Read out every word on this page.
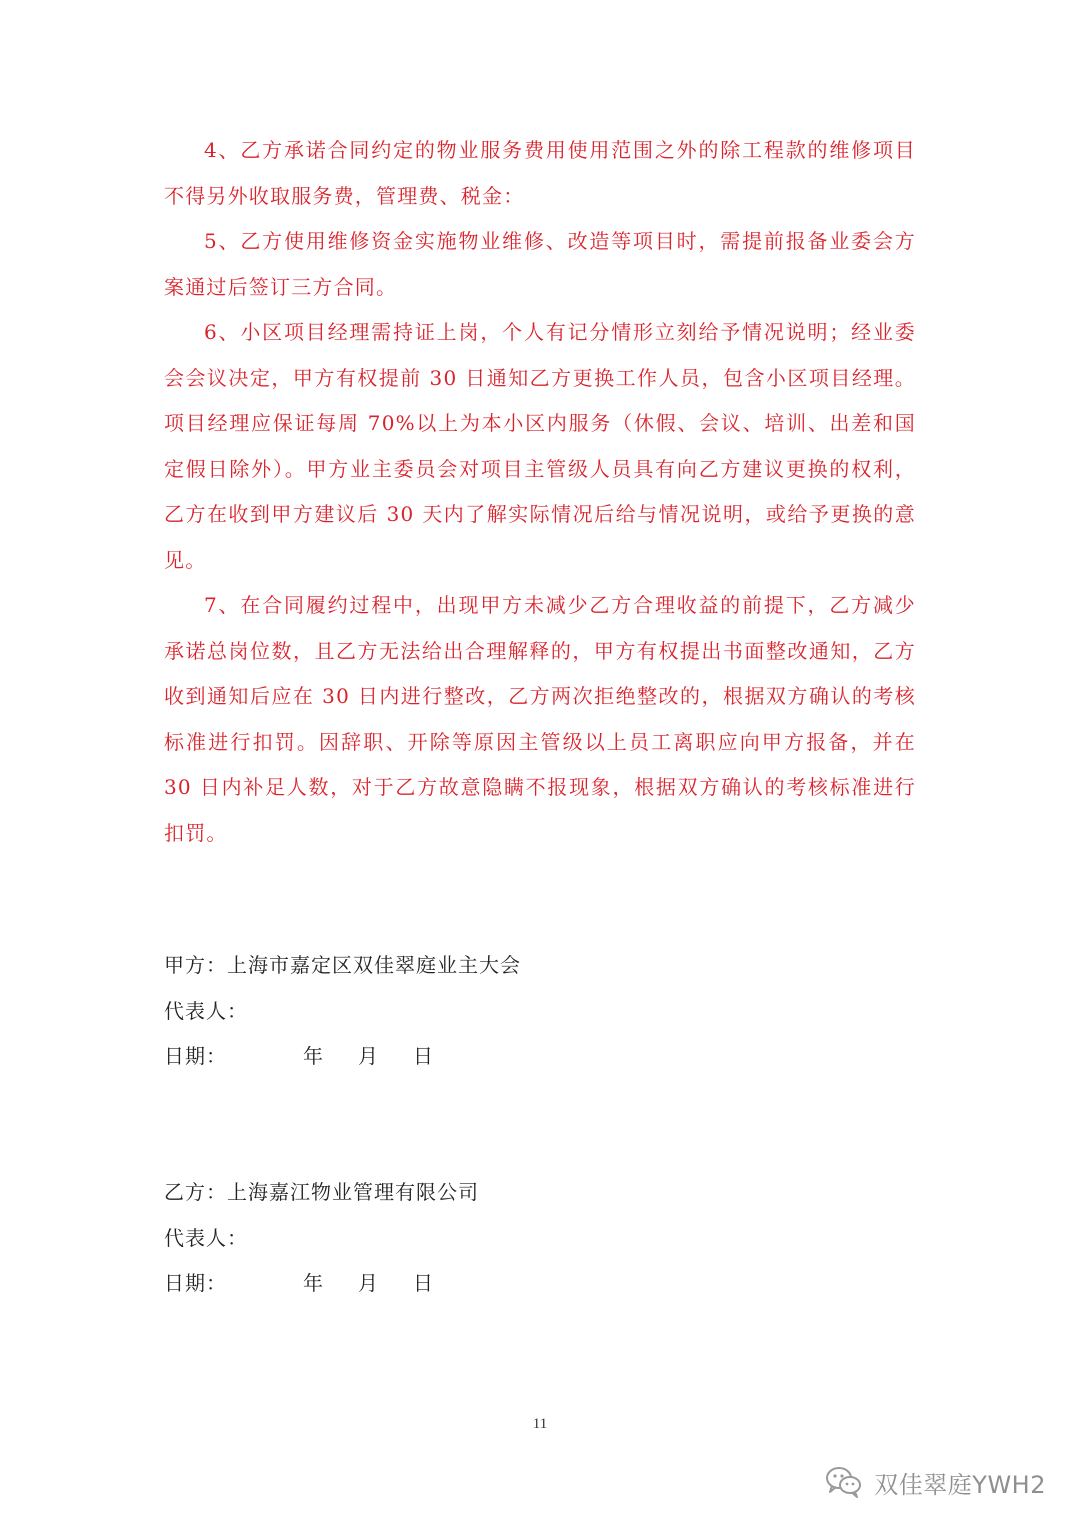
4、乙方承诺合同约定的物业服务费用使用范围之外的除工程款的维修项目不得另外收取服务费，管理费、税金：

5、乙方使用维修资金实施物业维修、改造等项目时，需提前报备业委会方案通过后签订三方合同。

6、小区项目经理需持证上岗，个人有记分情形立刻给予情况说明；经业委会会议决定，甲方有权提前 30 日通知乙方更换工作人员，包含小区项目经理。项目经理应保证每周 70%以上为本小区内服务（休假、会议、培训、出差和国定假日除外）。甲方业主委员会对项目主管级人员具有向乙方建议更换的权利，乙方在收到甲方建议后 30 天内了解实际情况后给与情况说明，或给予更换的意见。

7、在合同履约过程中，出现甲方未减少乙方合理收益的前提下，乙方减少承诺总岗位数，且乙方无法给出合理解释的，甲方有权提出书面整改通知，乙方收到通知后应在 30 日内进行整改，乙方两次拒绝整改的，根据双方确认的考核标准进行扣罚。因辞职、开除等原因主管级以上员工离职应向甲方报备，并在 30 日内补足人数，对于乙方故意隐瞒不报现象，根据双方确认的考核标准进行扣罚。

甲方：上海市嘉定区双佳翠庭业主大会
代表人：
日期：	年 月 日
乙方：上海嘉江物业管理有限公司
代表人：
日期：	年 月 日
11
双佳翠庭YWH2
